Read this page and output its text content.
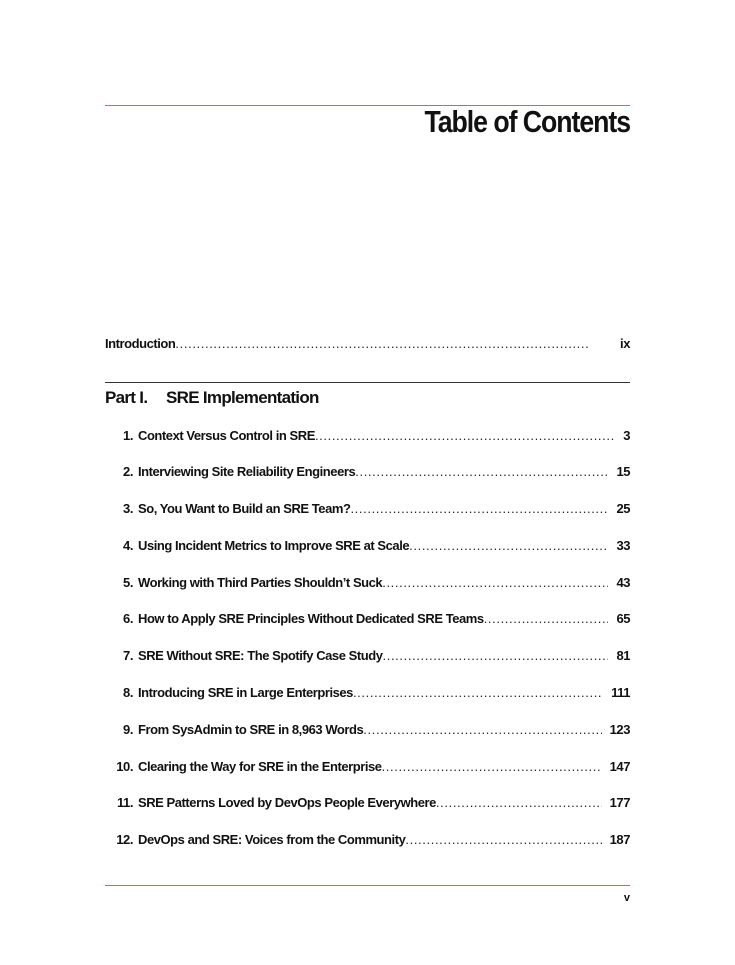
Table of Contents
Introduction . . .	ix
Part I.	SRE Implementation
1. Context Versus Control in SRE . . .	3
2. Interviewing Site Reliability Engineers . . .	15
3. So, You Want to Build an SRE Team? . . .	25
4. Using Incident Metrics to Improve SRE at Scale . . .	33
5. Working with Third Parties Shouldn’t Suck . . .	43
6. How to Apply SRE Principles Without Dedicated SRE Teams . . .	65
7. SRE Without SRE: The Spotify Case Study . . .	81
8. Introducing SRE in Large Enterprises . . .	111
9. From SysAdmin to SRE in 8,963 Words . . .	123
10. Clearing the Way for SRE in the Enterprise . . .	147
11. SRE Patterns Loved by DevOps People Everywhere . . .	177
12. DevOps and SRE: Voices from the Community . . .	187
v
